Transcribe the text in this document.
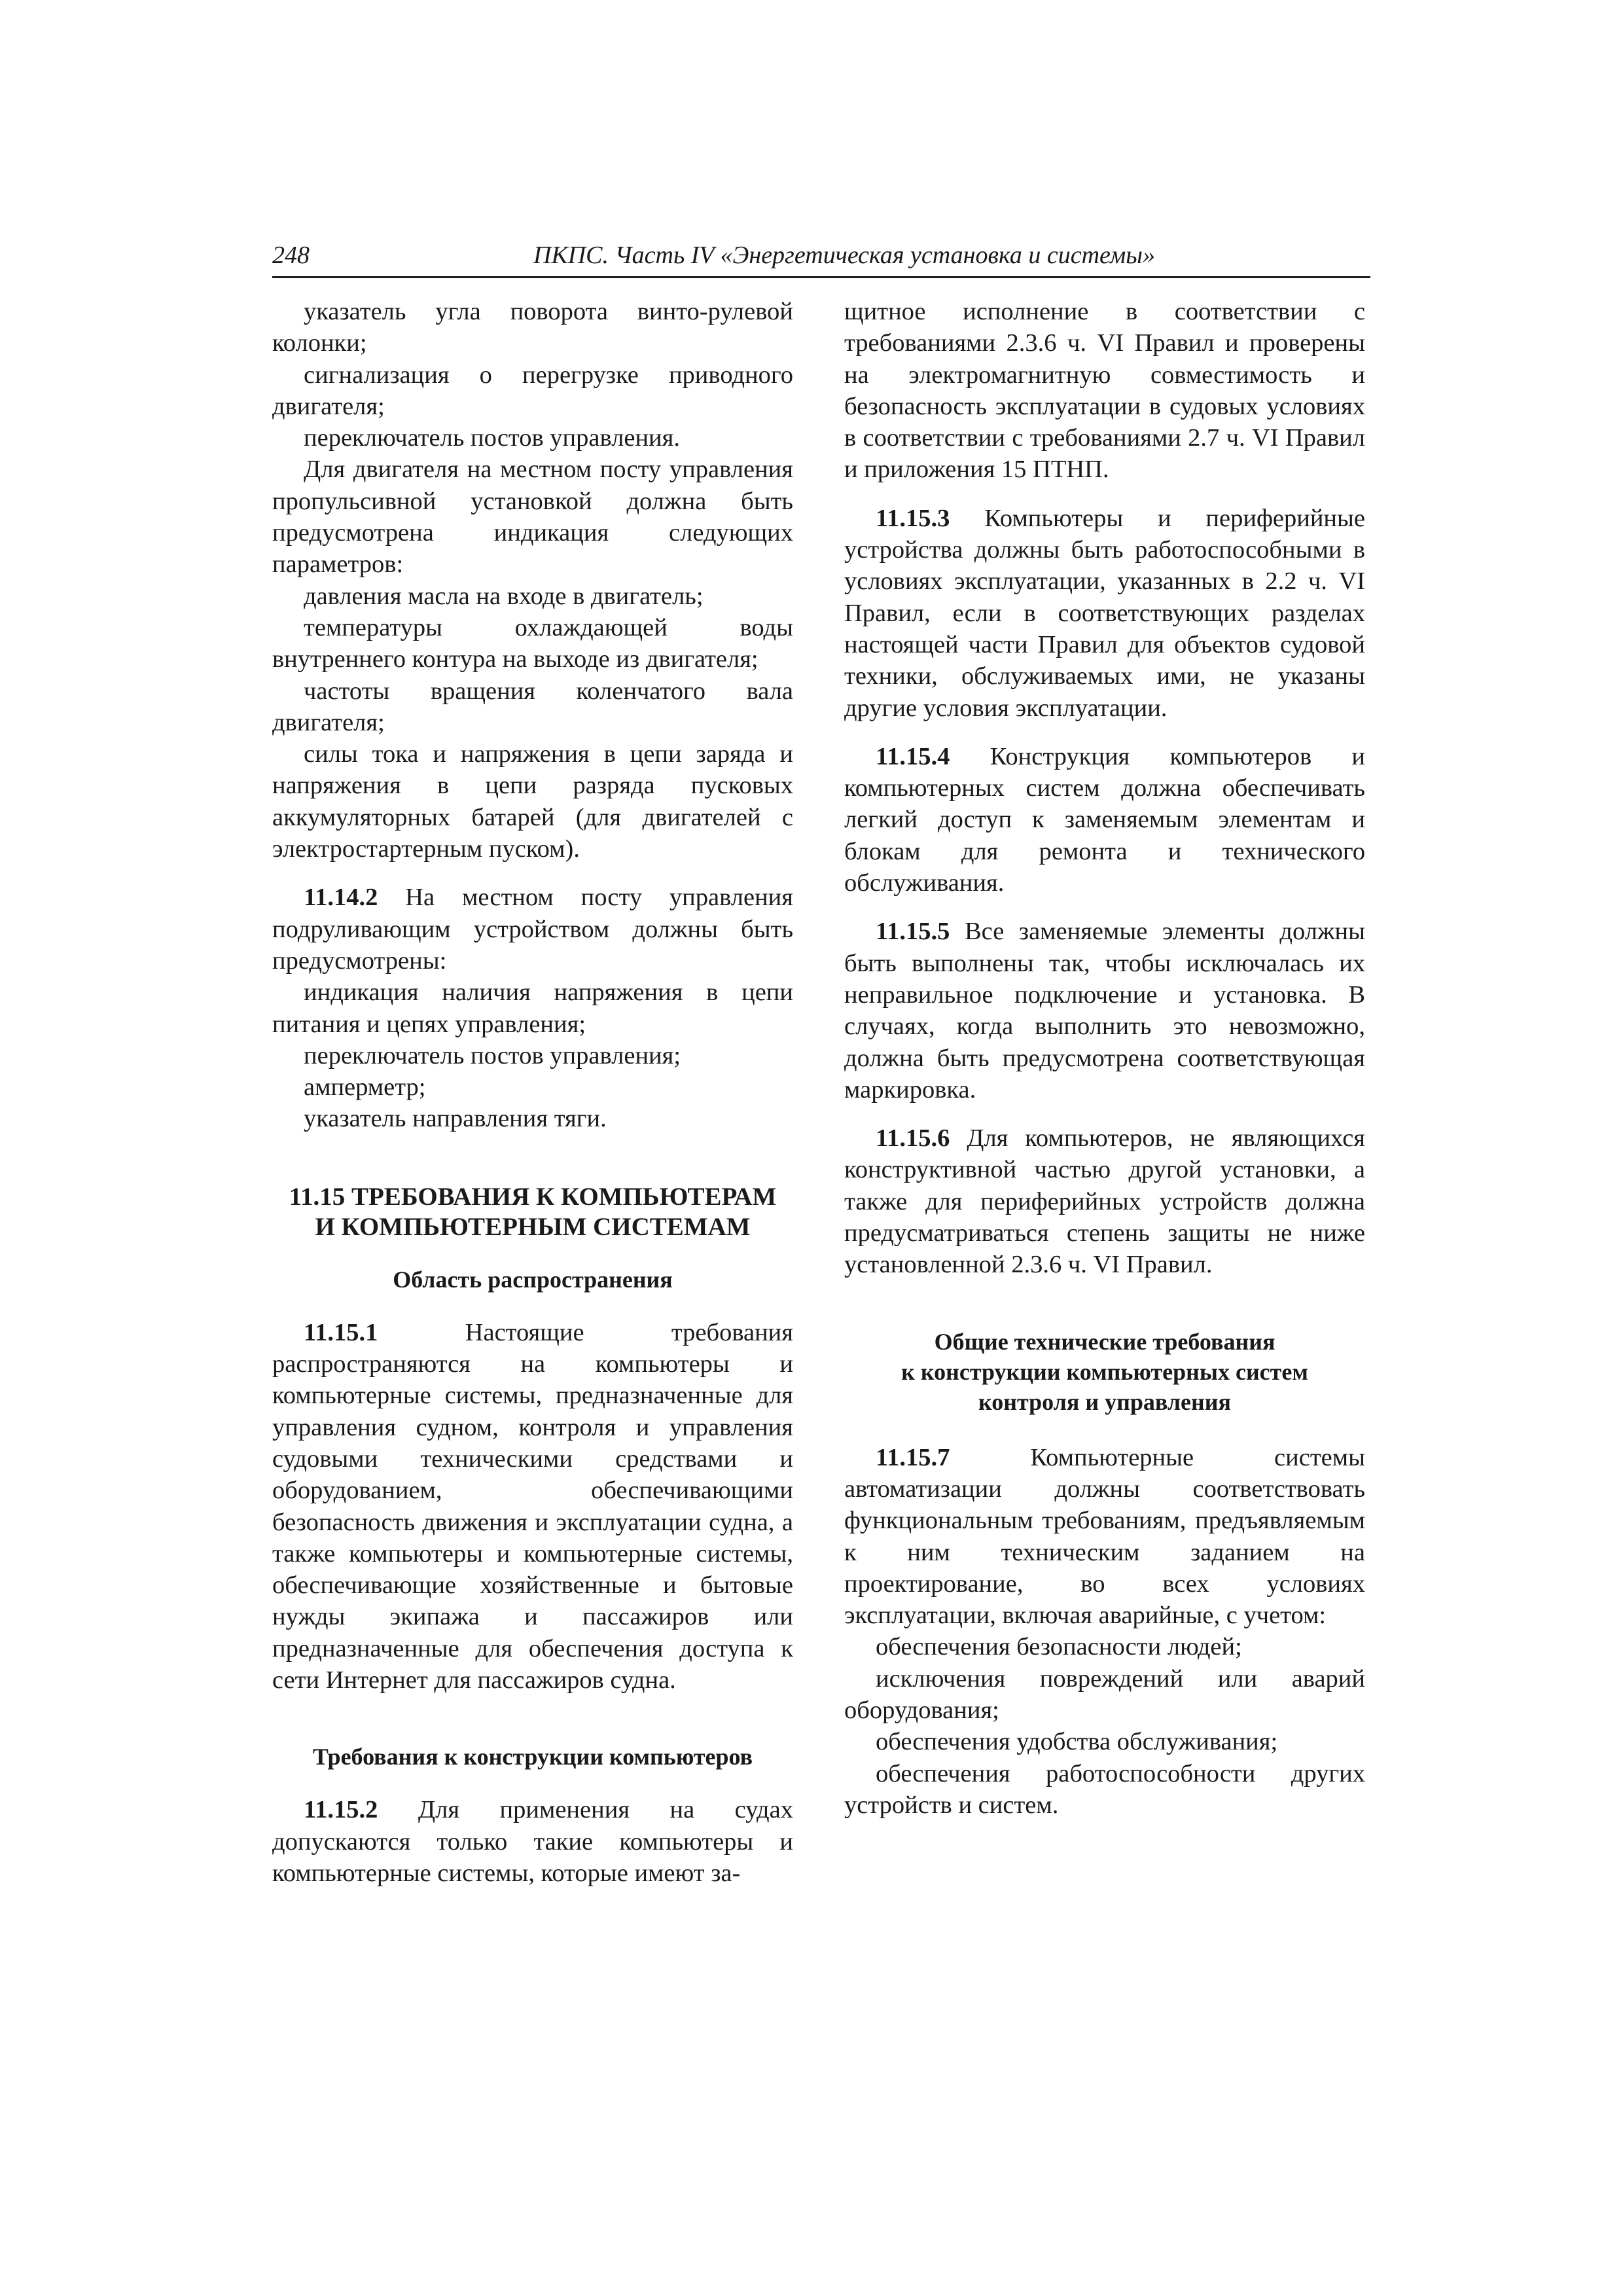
248	ПКПС. Часть IV «Энергетическая установка и системы»

указатель угла поворота винто-рулевой колонки;

сигнализация о перегрузке приводного двигателя;

переключатель постов управления.

Для двигателя на местном посту управления пропульсивной установкой должна быть предусмотрена индикация следующих параметров:

давления масла на входе в двигатель;

температуры охлаждающей воды внутреннего контура на выходе из двигателя;

частоты вращения коленчатого вала двигателя;

силы тока и напряжения в цепи заряда и напряжения в цепи разряда пусковых аккумуляторных батарей (для двигателей с электростартерным пуском).

11.14.2 На местном посту управления подруливающим устройством должны быть предусмотрены:

индикация наличия напряжения в цепи питания и цепях управления;

переключатель постов управления;

амперметр;

указатель направления тяги.

11.15 ТРЕБОВАНИЯ К КОМПЬЮТЕРАМ
И КОМПЬЮТЕРНЫМ СИСТЕМАМ
Область распространения

11.15.1 Настоящие требования распространяются на компьютеры и компьютерные системы, предназначенные для управления судном, контроля и управления судовыми техническими средствами и оборудованием, обеспечивающими безопасность движения и эксплуатации судна, а также компьютеры и компьютерные системы, обеспечивающие хозяйственные и бытовые нужды экипажа и пассажиров или предназначенные для обеспечения доступа к сети Интернет для пассажиров судна.

Требования к конструкции компьютеров

11.15.2 Для применения на судах допускаются только такие компьютеры и компьютерные системы, которые имеют за-

щитное исполнение в соответствии с требованиями 2.3.6 ч. VI Правил и проверены на электромагнитную совместимость и безопасность эксплуатации в судовых условиях в соответствии с требованиями 2.7 ч. VI Правил и приложения 15 ПТНП.

11.15.3 Компьютеры и периферийные устройства должны быть работоспособными в условиях эксплуатации, указанных в 2.2 ч. VI Правил, если в соответствующих разделах настоящей части Правил для объектов судовой техники, обслуживаемых ими, не указаны другие условия эксплуатации.

11.15.4 Конструкция компьютеров и компьютерных систем должна обеспечивать легкий доступ к заменяемым элементам и блокам для ремонта и технического обслуживания.

11.15.5 Все заменяемые элементы должны быть выполнены так, чтобы исключалась их неправильное подключение и установка. В случаях, когда выполнить это невозможно, должна быть предусмотрена соответствующая маркировка.

11.15.6 Для компьютеров, не являющихся конструктивной частью другой установки, а также для периферийных устройств должна предусматриваться степень защиты не ниже установленной 2.3.6 ч. VI Правил.

Общие технические требования
к конструкции компьютерных систем
контроля и управления

11.15.7 Компьютерные системы автоматизации должны соответствовать функциональным требованиям, предъявляемым к ним техническим заданием на проектирование, во всех условиях эксплуатации, включая аварийные, с учетом:

обеспечения безопасности людей;

исключения повреждений или аварий оборудования;

обеспечения удобства обслуживания;

обеспечения работоспособности других устройств и систем.
